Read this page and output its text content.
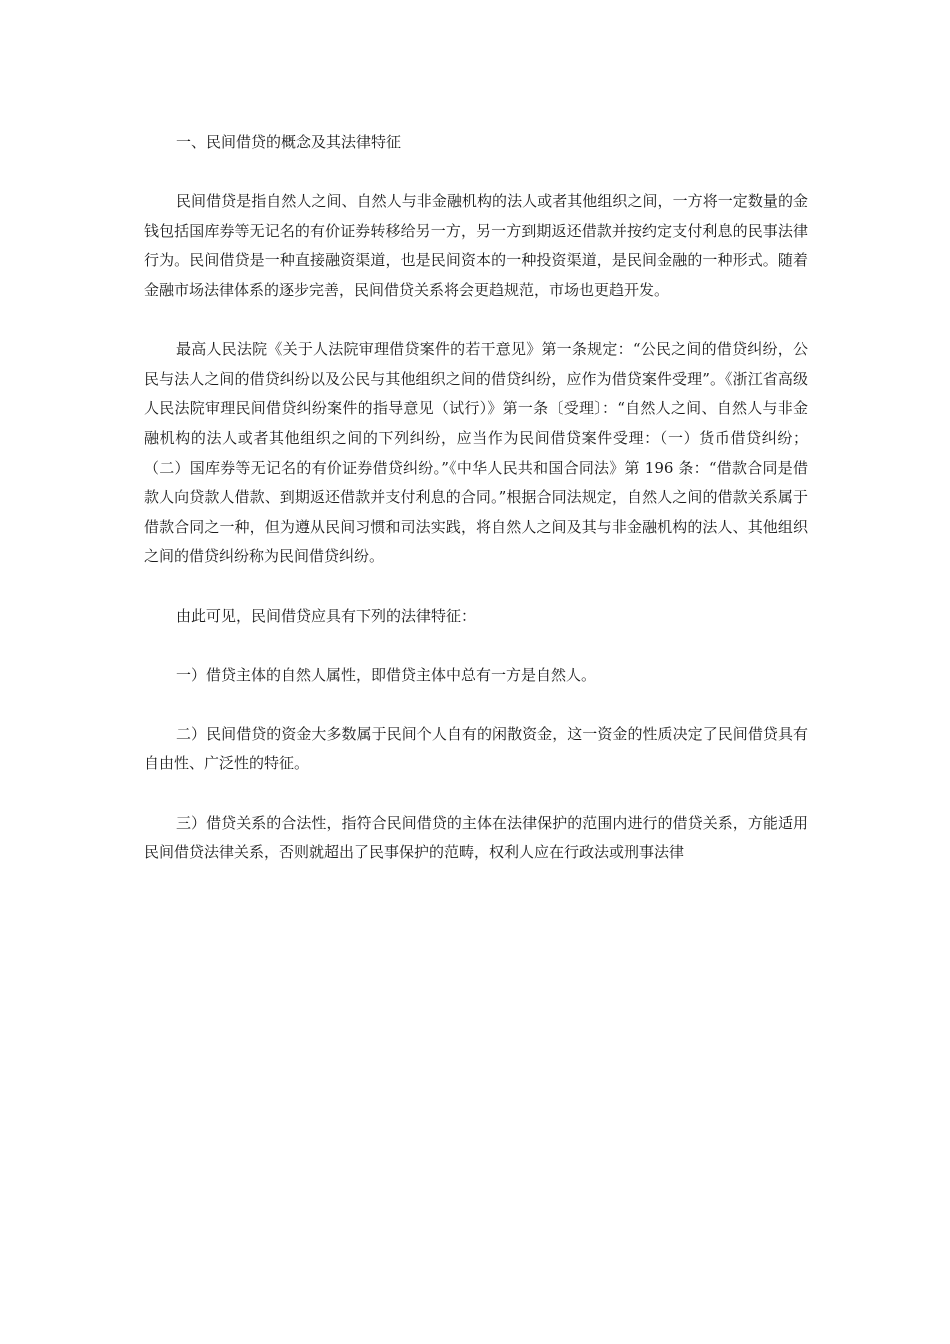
一、民间借贷的概念及其法律特征

民间借贷是指自然人之间、自然人与非金融机构的法人或者其他组织之间，一方将一定数量的金钱包括国库券等无记名的有价证券转移给另一方，另一方到期返还借款并按约定支付利息的民事法律行为。民间借贷是一种直接融资渠道，也是民间资本的一种投资渠道，是民间金融的一种形式。随着金融市场法律体系的逐步完善，民间借贷关系将会更趋规范，市场也更趋开发。

最高人民法院《关于人法院审理借贷案件的若干意见》第一条规定：“公民之间的借贷纠纷，公民与法人之间的借贷纠纷以及公民与其他组织之间的借贷纠纷，应作为借贷案件受理”。《浙江省高级人民法院审理民间借贷纠纷案件的指导意见（试行）》第一条〔受理〕：“自然人之间、自然人与非金融机构的法人或者其他组织之间的下列纠纷，应当作为民间借贷案件受理：（一）货币借贷纠纷；（二）国库券等无记名的有价证券借贷纠纷。”《中华人民共和国合同法》第 196 条：“借款合同是借款人向贷款人借款、到期返还借款并支付利息的合同。”根据合同法规定，自然人之间的借款关系属于借款合同之一种，但为遵从民间习惯和司法实践，将自然人之间及其与非金融机构的法人、其他组织之间的借贷纠纷称为民间借贷纠纷。

由此可见，民间借贷应具有下列的法律特征：

一）借贷主体的自然人属性，即借贷主体中总有一方是自然人。

二）民间借贷的资金大多数属于民间个人自有的闲散资金，这一资金的性质决定了民间借贷具有自由性、广泛性的特征。

三）借贷关系的合法性，指符合民间借贷的主体在法律保护的范围内进行的借贷关系，方能适用民间借贷法律关系，否则就超出了民事保护的范畴，权利人应在行政法或刑事法律
